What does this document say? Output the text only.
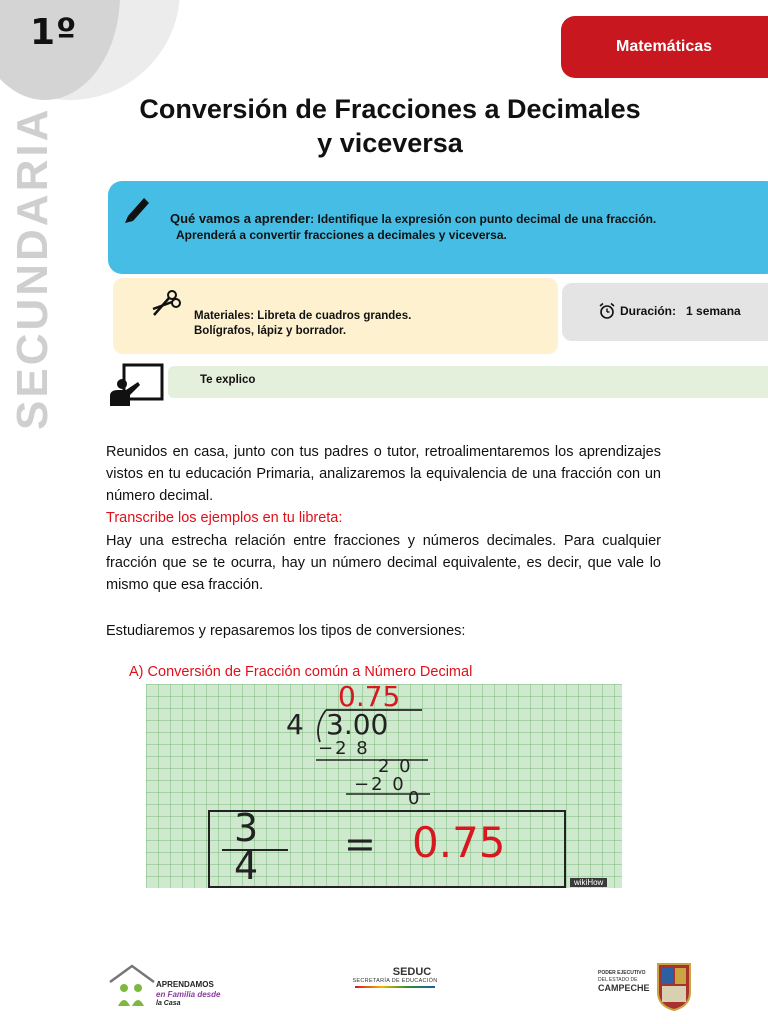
1º
SECUNDARIA
Matemáticas
Conversión de Fracciones a Decimales
y viceversa
Qué vamos a aprender: Identifique la expresión con punto decimal de una fracción.
Aprenderá a convertir fracciones a decimales y viceversa.
Materiales: Libreta de cuadros grandes.
Bolígrafos, lápiz y borrador.
Duración: 1 semana
Te explico
Reunidos en casa, junto con tus padres o tutor, retroalimentaremos los aprendizajes vistos en tu educación Primaria, analizaremos la equivalencia de una fracción con un número decimal.
Transcribe los ejemplos en tu libreta:
Hay una estrecha relación entre fracciones y números decimales. Para cualquier fracción que se te ocurra, hay un número decimal equivalente, es decir, que vale lo mismo que esa fracción.
Estudiaremos y repasaremos los tipos de conversiones:
A) Conversión de Fracción común a Número Decimal
0.75
4 3.00
−2 8
2 0
−2 0
0
3
4 = 0.75
wikiHow
APRENDAMOS
en Familia desde
la Casa
SEDUC
SECRETARÍA DE EDUCACIÓN
PODER EJECUTIVO
DEL ESTADO DE
CAMPECHE
